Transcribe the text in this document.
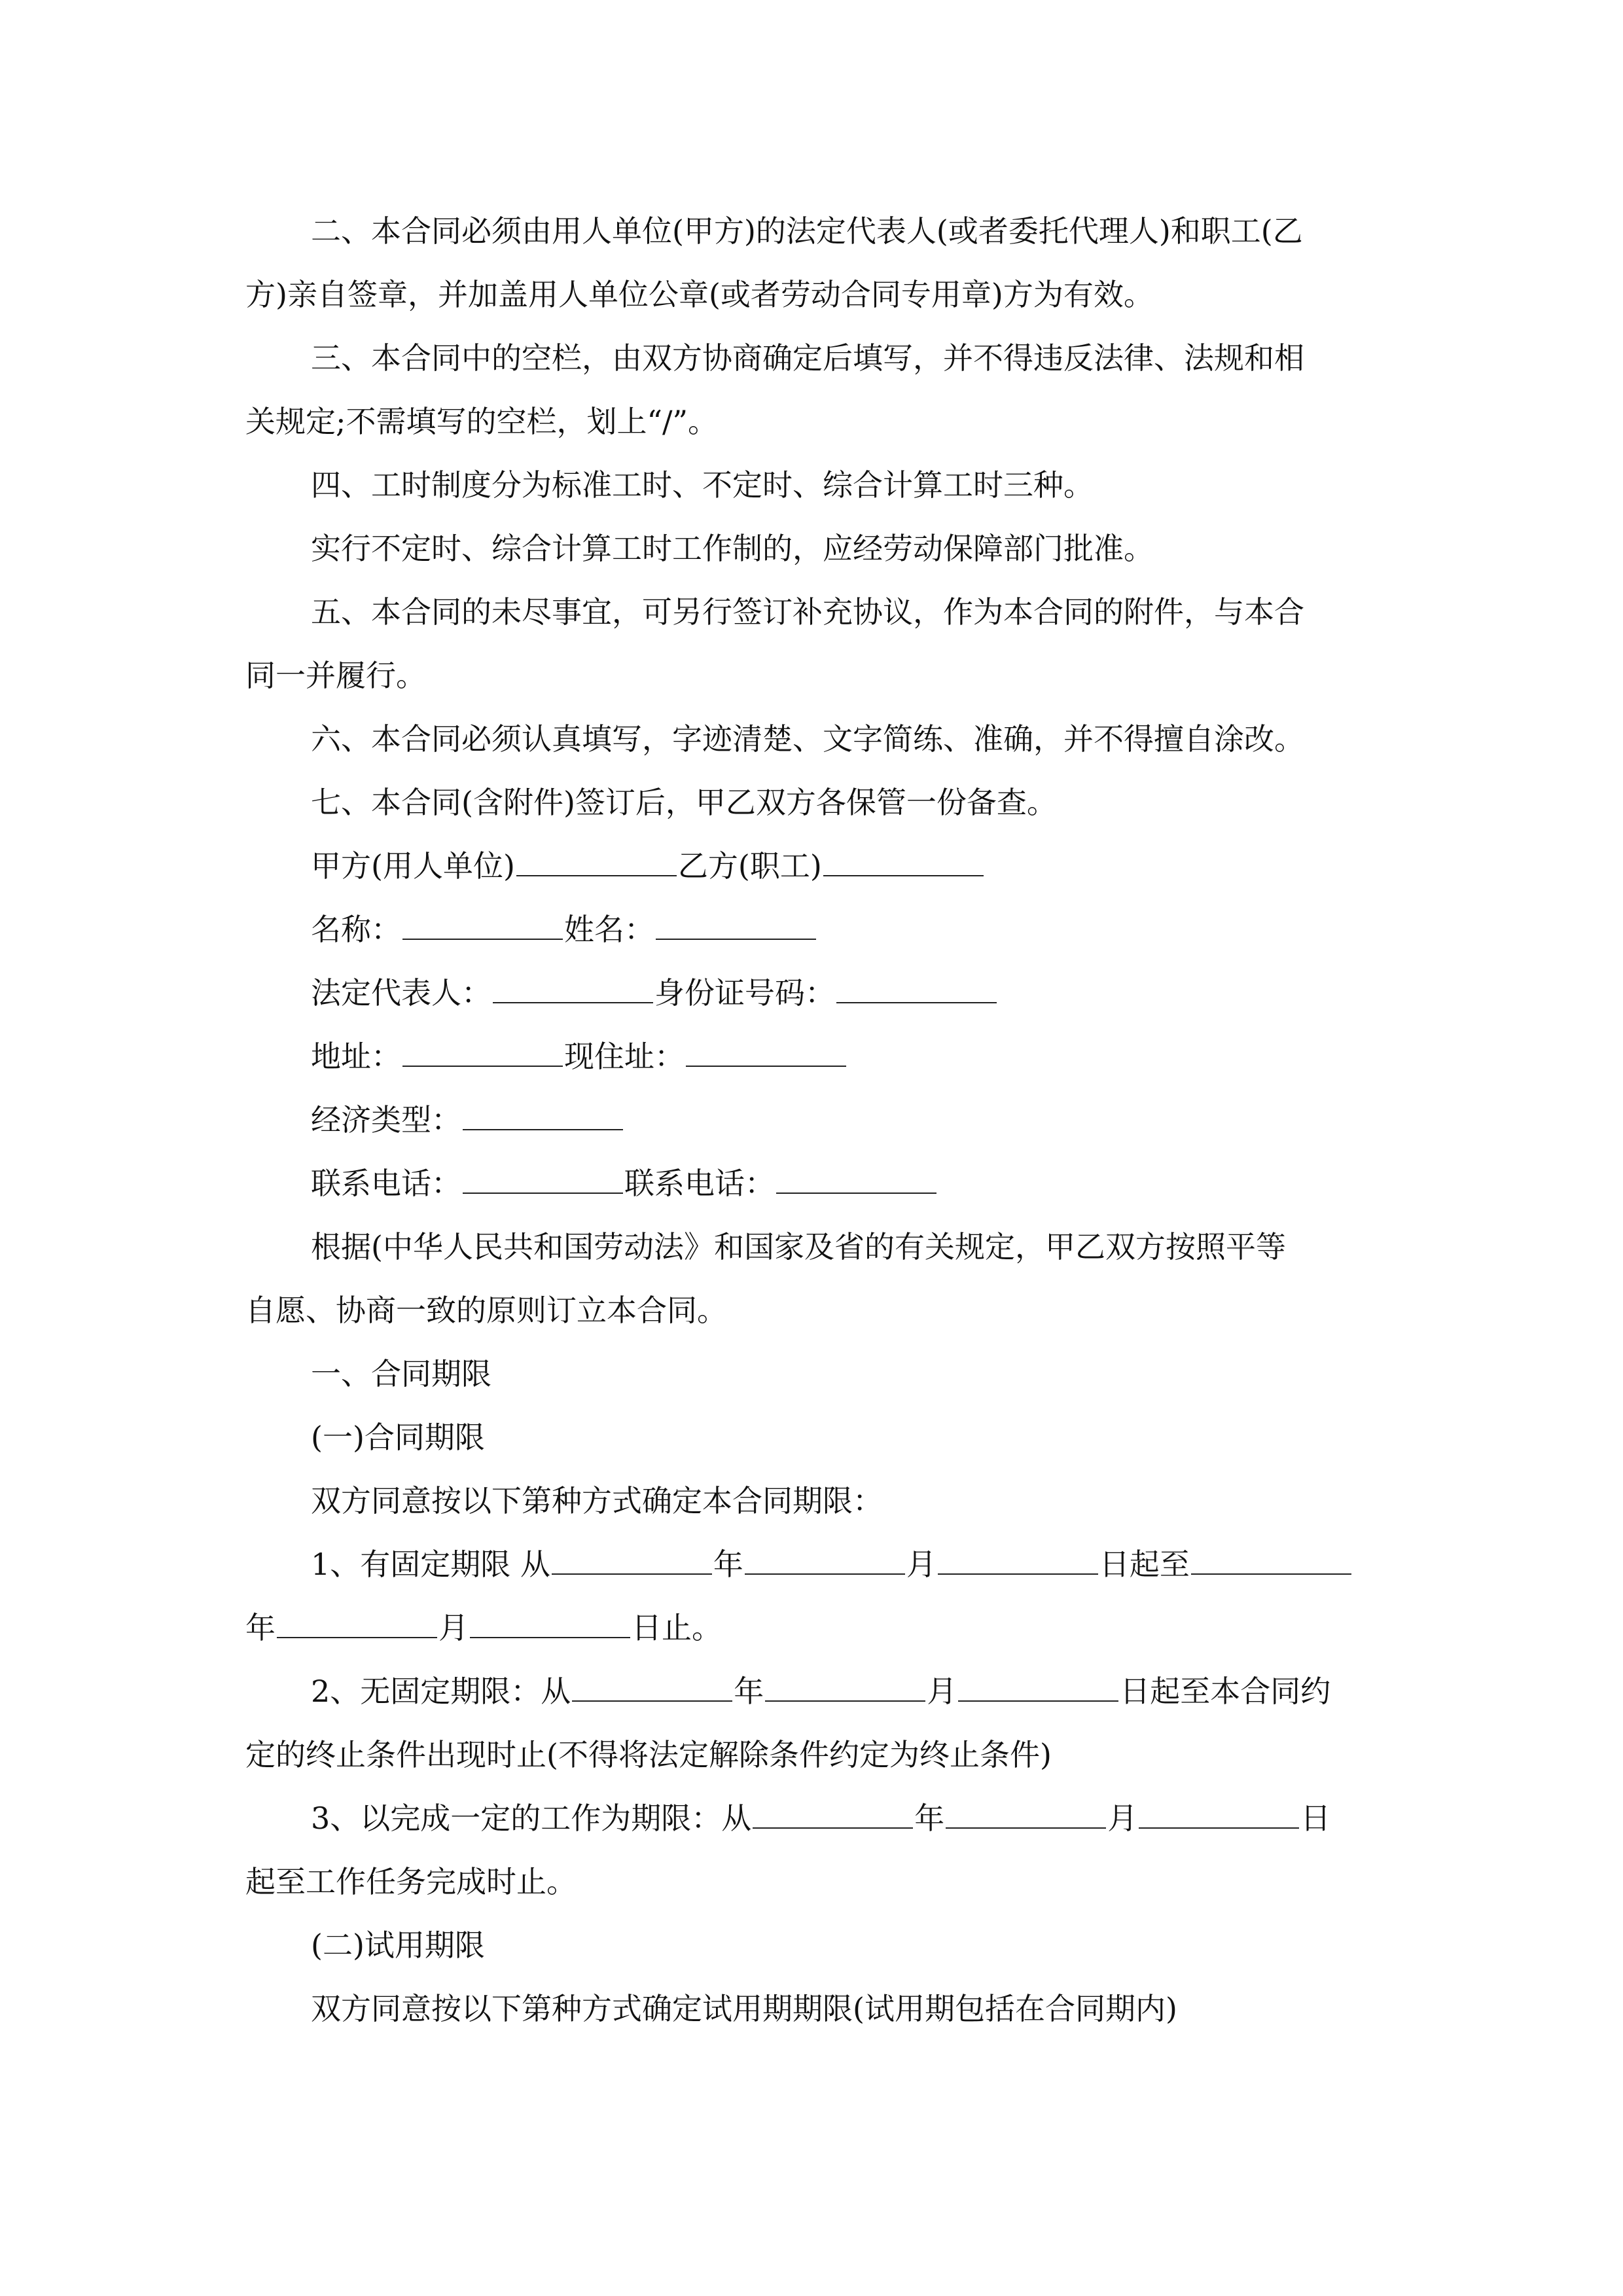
二、本合同必须由用人单位(甲方)的法定代表人(或者委托代理人)和职工(乙
方)亲自签章，并加盖用人单位公章(或者劳动合同专用章)方为有效。
三、本合同中的空栏，由双方协商确定后填写，并不得违反法律、法规和相
关规定;不需填写的空栏，划上“/”。
四、工时制度分为标准工时、不定时、综合计算工时三种。
实行不定时、综合计算工时工作制的，应经劳动保障部门批准。
五、本合同的未尽事宜，可另行签订补充协议，作为本合同的附件，与本合
同一并履行。
六、本合同必须认真填写，字迹清楚、文字简练、准确，并不得擅自涂改。
七、本合同(含附件)签订后，甲乙双方各保管一份备查。
甲方(用人单位)	乙方(职工)
名称：	姓名：
法定代表人：	身份证号码：
地址：	现住址：
经济类型：
联系电话：	联系电话：
根据(中华人民共和国劳动法》和国家及省的有关规定，甲乙双方按照平等
自愿、协商一致的原则订立本合同。
一、合同期限
(一)合同期限
双方同意按以下第种方式确定本合同期限：
1、有固定期限 从	年	月	日起至
年	月	日止。
2、无固定期限：从	年	月	日起至本合同约
定的终止条件出现时止(不得将法定解除条件约定为终止条件)
3、以完成一定的工作为期限：从	年	月	日
起至工作任务完成时止。
(二)试用期限
双方同意按以下第种方式确定试用期期限(试用期包括在合同期内)
